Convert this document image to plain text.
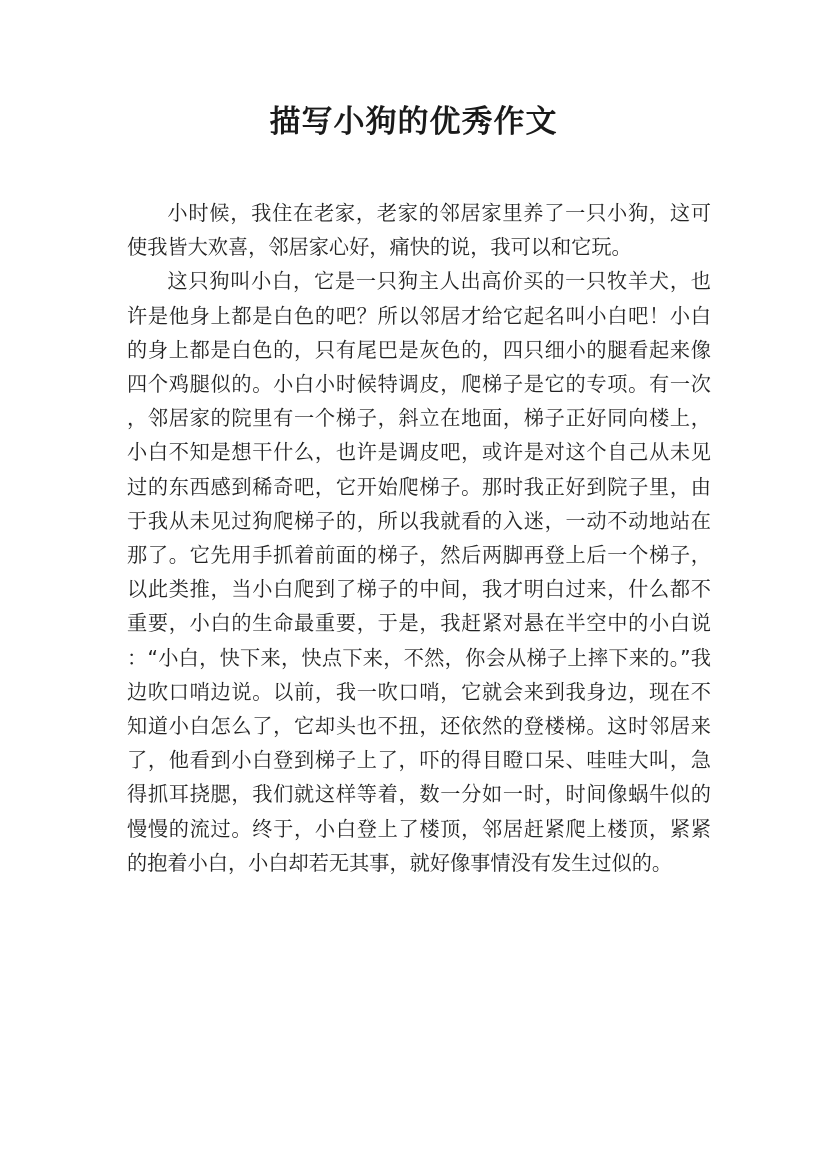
描写小狗的优秀作文

小时候，我住在老家，老家的邻居家里养了一只小狗，这可使我皆大欢喜，邻居家心好，痛快的说，我可以和它玩。

这只狗叫小白，它是一只狗主人出高价买的一只牧羊犬，也许是他身上都是白色的吧？所以邻居才给它起名叫小白吧！小白的身上都是白色的，只有尾巴是灰色的，四只细小的腿看起来像四个鸡腿似的。小白小时候特调皮，爬梯子是它的专项。有一次，邻居家的院里有一个梯子，斜立在地面，梯子正好同向楼上，小白不知是想干什么，也许是调皮吧，或许是对这个自己从未见过的东西感到稀奇吧，它开始爬梯子。那时我正好到院子里，由于我从未见过狗爬梯子的，所以我就看的入迷，一动不动地站在那了。它先用手抓着前面的梯子，然后两脚再登上后一个梯子，以此类推，当小白爬到了梯子的中间，我才明白过来，什么都不重要，小白的生命最重要，于是，我赶紧对悬在半空中的小白说：“小白，快下来，快点下来，不然，你会从梯子上摔下来的。”我边吹口哨边说。以前，我一吹口哨，它就会来到我身边，现在不知道小白怎么了，它却头也不扭，还依然的登楼梯。这时邻居来了，他看到小白登到梯子上了，吓的得目瞪口呆、哇哇大叫，急得抓耳挠腮，我们就这样等着，数一分如一时，时间像蜗牛似的慢慢的流过。终于，小白登上了楼顶，邻居赶紧爬上楼顶，紧紧的抱着小白，小白却若无其事，就好像事情没有发生过似的。
